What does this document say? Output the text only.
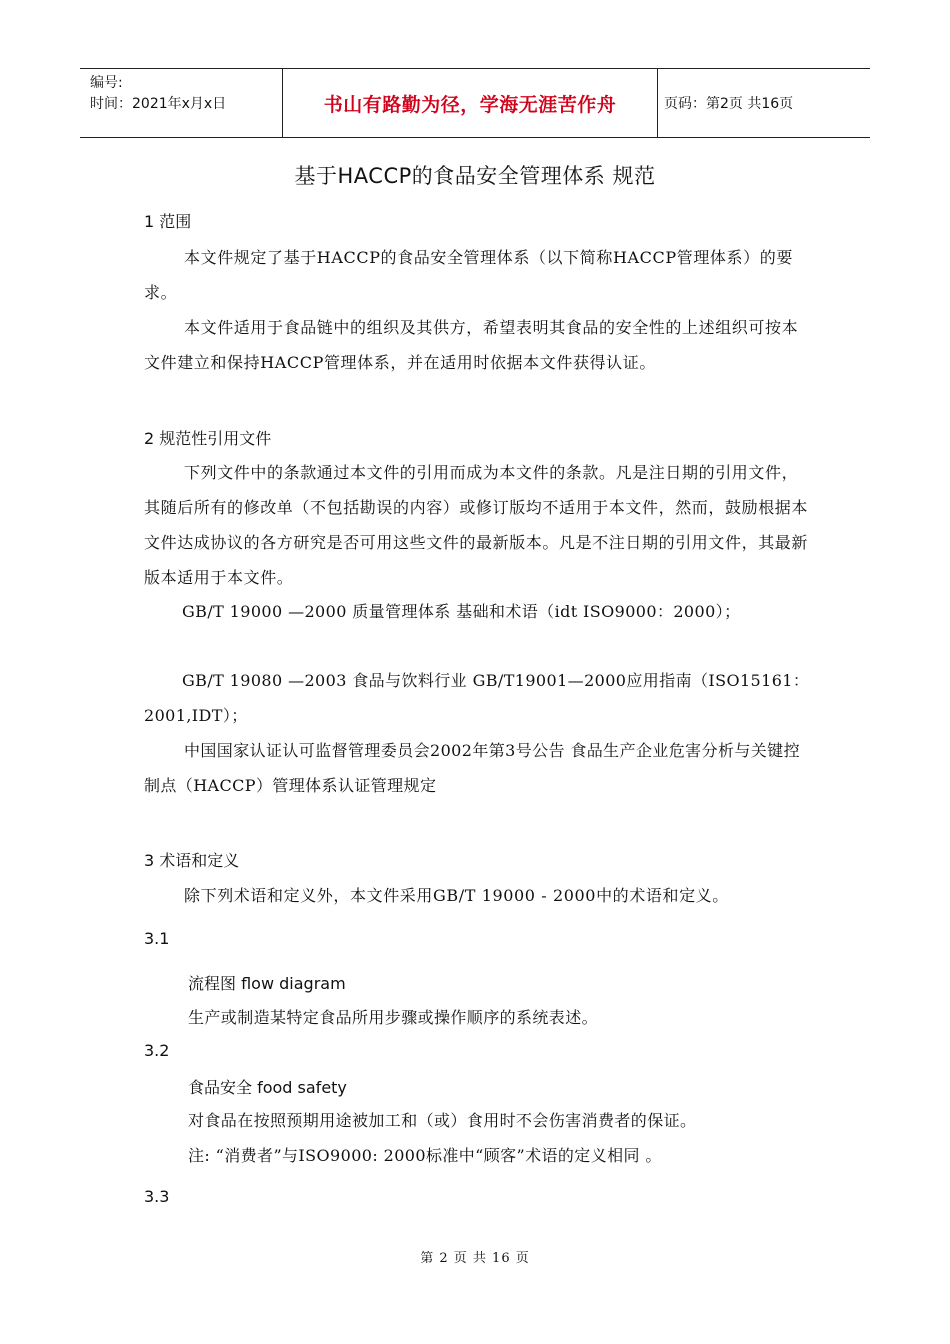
编号:
时间：2021年x月x日	书山有路勤为径，学海无涯苦作舟	页码：第2页 共16页
基于HACCP的食品安全管理体系 规范
1 范围
本文件规定了基于HACCP的食品安全管理体系（以下简称HACCP管理体系）的要求。
本文件适用于食品链中的组织及其供方，希望表明其食品的安全性的上述组织可按本文件建立和保持HACCP管理体系，并在适用时依据本文件获得认证。
2 规范性引用文件
下列文件中的条款通过本文件的引用而成为本文件的条款。凡是注日期的引用文件，其随后所有的修改单（不包括勘误的内容）或修订版均不适用于本文件，然而，鼓励根据本文件达成协议的各方研究是否可用这些文件的最新版本。凡是不注日期的引用文件，其最新版本适用于本文件。
GB/T 19000 —2000 质量管理体系 基础和术语（idt ISO9000：2000）；
GB/T 19080 —2003 食品与饮料行业 GB/T19001—2000应用指南（ISO15161：2001,IDT）；
中国国家认证认可监督管理委员会2002年第3号公告 食品生产企业危害分析与关键控制点（HACCP）管理体系认证管理规定
3 术语和定义
除下列术语和定义外，本文件采用GB/T 19000 - 2000中的术语和定义。
3.1
流程图 flow diagram
生产或制造某特定食品所用步骤或操作顺序的系统表述。
3.2
食品安全 food safety
对食品在按照预期用途被加工和（或）食用时不会伤害消费者的保证。
注: “消费者”与ISO9000: 2000标准中“顾客”术语的定义相同 。
3.3
第 2 页 共 16 页
